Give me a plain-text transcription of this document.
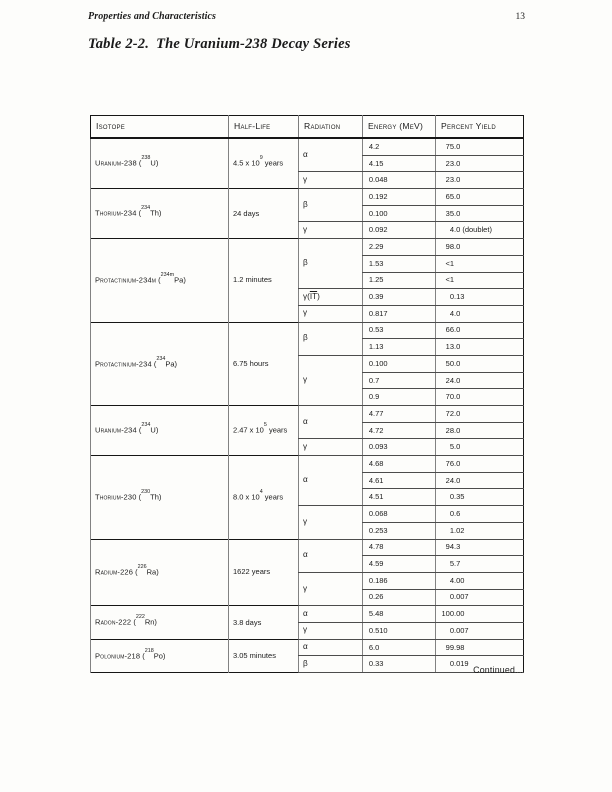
Properties and Characteristics	13
Table 2-2. The Uranium-238 Decay Series
Isotope	Half-Life	Radiation	Energy (MeV)	Percent Yield
Uranium-238 ($^{238}$U)	4.5 x $10^9$ years	α	4.2	75.0
			4.15	23.0
		γ	0.048	23.0
Thorium-234 ($^{234}$Th)	24 days	β	0.192	65.0
			0.100	35.0
		γ	0.092	4.0 (doublet)
Protactinium-234m ($^{234m}$Pa)	1.2 minutes	β	2.29	98.0
			1.53	<1
			1.25	<1
		$\gamma(\overline{IT})$	0.39	0.13
		γ	0.817	4.0
Protactinium-234 ($^{234}$Pa)	6.75 hours	β	0.53	66.0
			1.13	13.0
		γ	0.100	50.0
			0.7	24.0
			0.9	70.0
Uranium-234 ($^{234}$U)	2.47 x $10^5$ years	α	4.77	72.0
			4.72	28.0
		γ	0.093	5.0
Thorium-230 ($^{230}$Th)	8.0 x $10^4$ years	α	4.68	76.0
			4.61	24.0
			4.51	0.35
		γ	0.068	0.6
			0.253	1.02
Radium-226 ($^{226}$Ra)	1622 years	α	4.78	94.3
			4.59	5.7
		γ	0.186	4.00
			0.26	0.007
Radon-222 ($^{222}$Rn)	3.8 days	α	5.48	100.00
		γ	0.510	0.007
Polonium-218 ($^{218}$Po)	3.05 minutes	α	6.0	99.98
		β	0.33	0.019
Continued...
